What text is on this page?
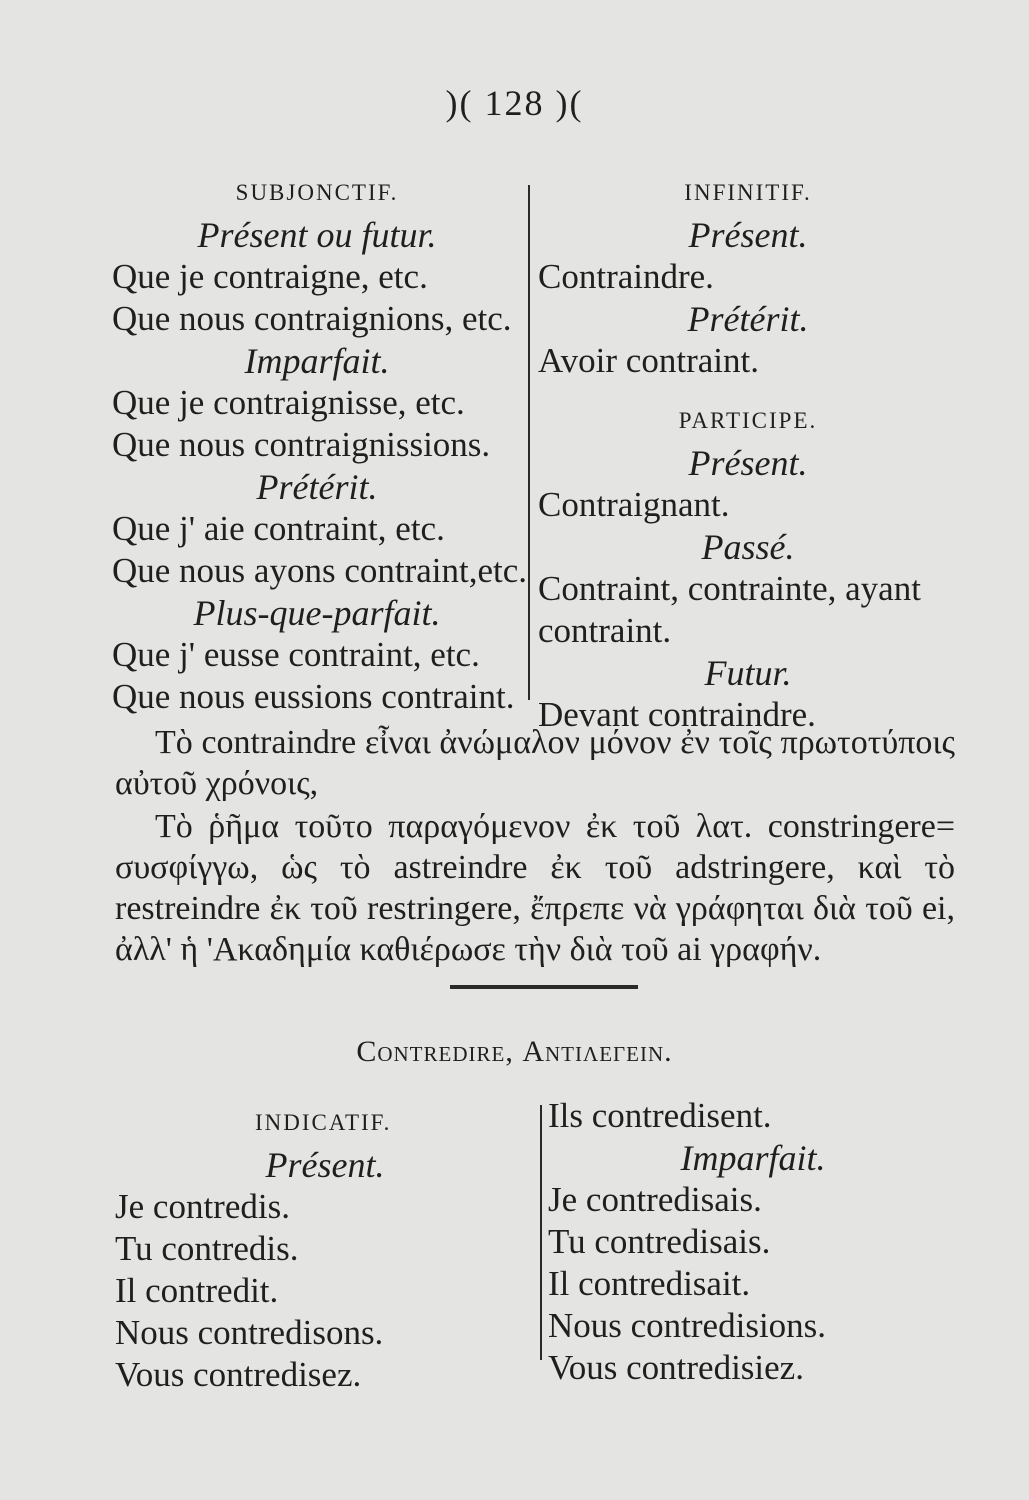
)( 128 )(
SUBJONCTIF.
Présent ou futur.
Que je contraigne, etc.
Que nous contraignions, etc.
Imparfait.
Que je contraignisse, etc.
Que nous contraignissions.
Prétérit.
Que j' aie contraint, etc.
Que nous ayons contraint,etc.
Plus-que-parfait.
Que j' eusse contraint, etc.
Que nous eussions contraint.
INFINITIF.
Présent.
Contraindre.
Prétérit.
Avoir contraint.
PARTICIPE.
Présent.
Contraignant.
Passé.
Contraint, contrainte, ayant
contraint.
Futur.
Devant contraindre.

Τὸ contraindre εἶναι ἀνώμαλον μόνον ἐν τοῖς πρωτοτύποις αὐτοῦ χρόνοις,

Τὸ ῥῆμα τοῦτο παραγόμενον ἐκ τοῦ λατ. constringere= συσφίγγω, ὡς τὸ astreindre ἐκ τοῦ adstringere, καὶ τὸ restreindre ἐκ τοῦ restringere, ἔπρεπε νὰ γράφηται διὰ τοῦ ei, ἀλλ' ἡ 'Ακαδημία καθιέρωσε τὴν διὰ τοῦ ai γραφήν.

Contredire, Αντιλεγειν.
INDICATIF.
Présent.
Je contredis.
Tu contredis.
Il contredit.
Nous contredisons.
Vous contredisez.
Ils contredisent.
Imparfait.
Je contredisais.
Tu contredisais.
Il contredisait.
Nous contredisions.
Vous contredisiez.
